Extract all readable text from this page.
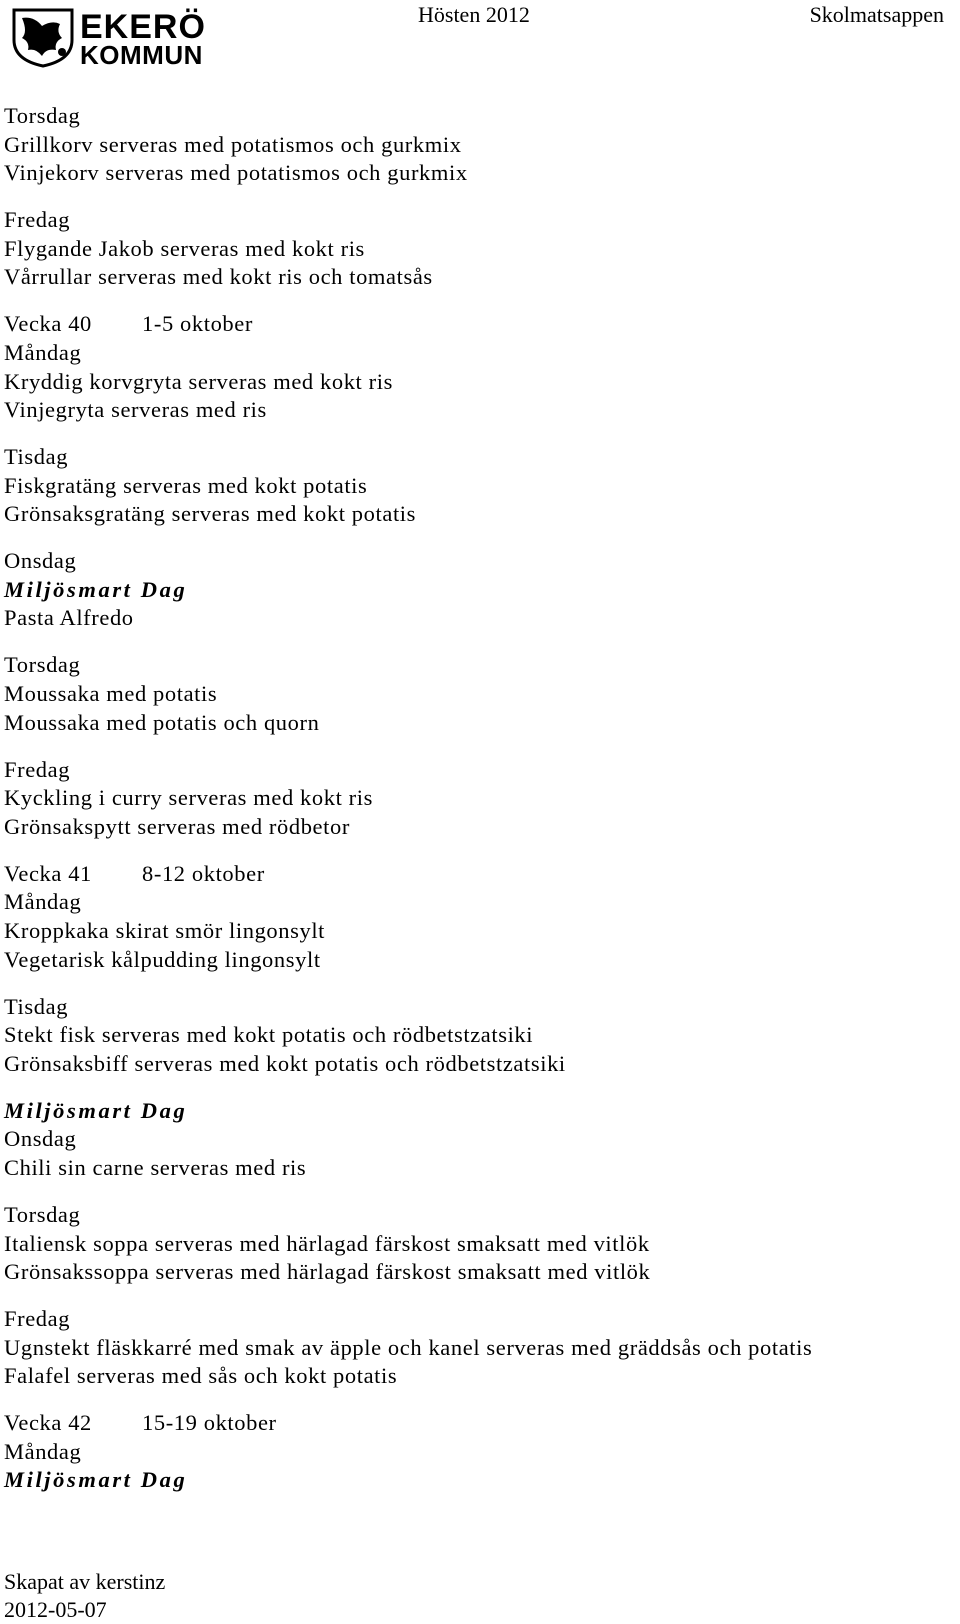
EKERÖ
KOMMUN
Hösten 2012	Skolmatsappen
Torsdag
Grillkorv serveras med potatismos och gurkmix
Vinjekorv serveras med potatismos och gurkmix
Fredag
Flygande Jakob serveras med kokt ris
Vårrullar serveras med kokt ris och tomatsås
Vecka 40	1-5 oktober
Måndag
Kryddig korvgryta serveras med kokt ris
Vinjegryta serveras med ris
Tisdag
Fiskgratäng serveras med kokt potatis
Grönsaksgratäng serveras med kokt potatis
Onsdag
Miljösmart Dag
Pasta Alfredo
Torsdag
Moussaka med potatis
Moussaka med potatis och quorn
Fredag
Kyckling i curry serveras med kokt ris
Grönsakspytt serveras med rödbetor
Vecka 41	8-12 oktober
Måndag
Kroppkaka skirat smör lingonsylt
Vegetarisk kålpudding lingonsylt
Tisdag
Stekt fisk serveras med kokt potatis och rödbetstzatsiki
Grönsaksbiff serveras med kokt potatis och rödbetstzatsiki
Miljösmart Dag
Onsdag
Chili sin carne serveras med ris
Torsdag
Italiensk soppa serveras med härlagad färskost smaksatt med vitlök
Grönsakssoppa serveras med härlagad färskost smaksatt med vitlök
Fredag
Ugnstekt fläskkarré med smak av äpple och kanel serveras med gräddsås och potatis
Falafel serveras med sås och kokt potatis
Vecka 42	15-19 oktober
Måndag
Miljösmart Dag
Skapat av kerstinz
2012-05-07
